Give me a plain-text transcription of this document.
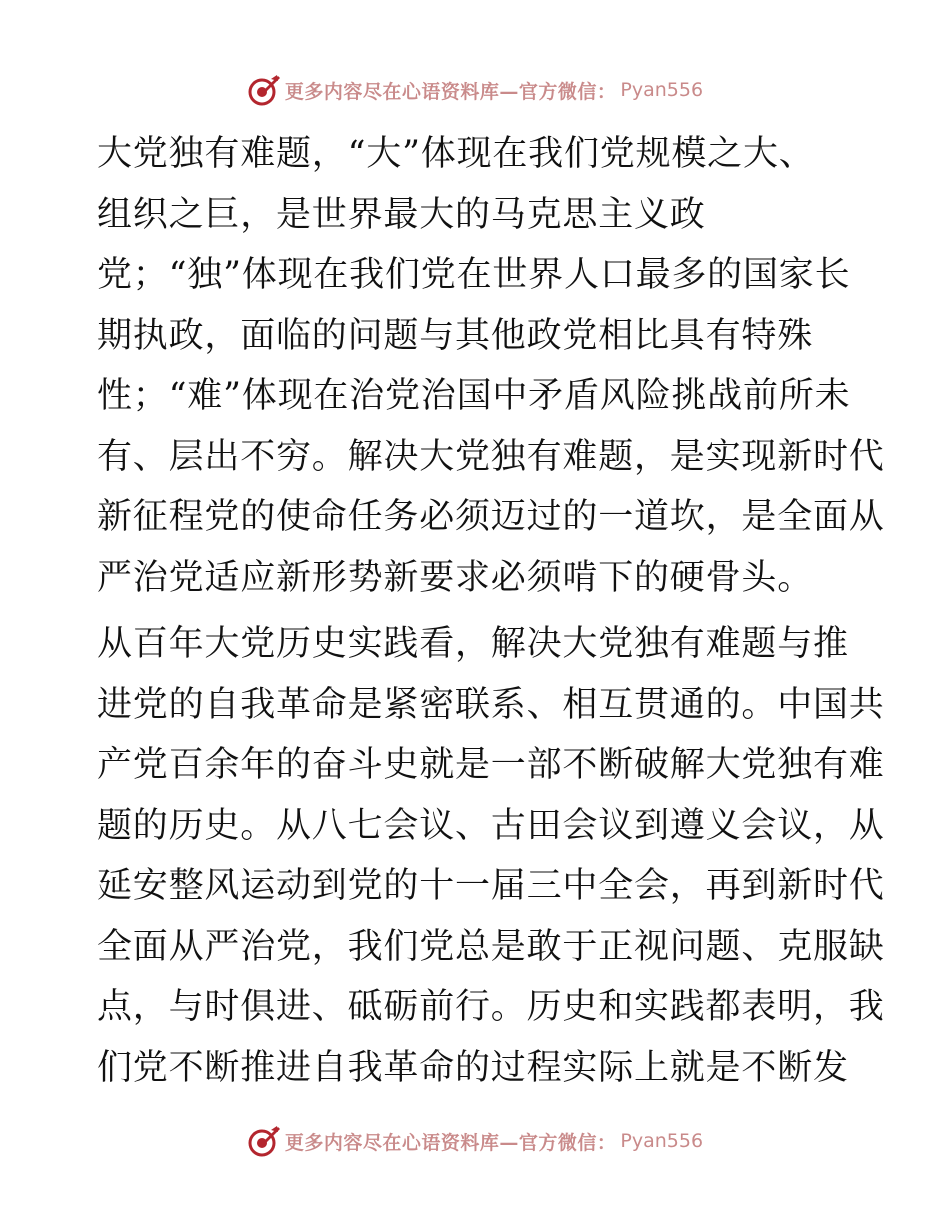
更多内容尽在心语资料库—官方微信： Pyan556

大党独有难题，“大”体现在我们党规模之大、
组织之巨，是世界最大的马克思主义政
党；“独”体现在我们党在世界人口最多的国家长
期执政，面临的问题与其他政党相比具有特殊
性；“难”体现在治党治国中矛盾风险挑战前所未
有、层出不穷。解决大党独有难题，是实现新时代
新征程党的使命任务必须迈过的一道坎，是全面从
严治党适应新形势新要求必须啃下的硬骨头。

从百年大党历史实践看，解决大党独有难题与推
进党的自我革命是紧密联系、相互贯通的。中国共
产党百余年的奋斗史就是一部不断破解大党独有难
题的历史。从八七会议、古田会议到遵义会议，从
延安整风运动到党的十一届三中全会，再到新时代
全面从严治党，我们党总是敢于正视问题、克服缺
点，与时俱进、砥砺前行。历史和实践都表明，我
们党不断推进自我革命的过程实际上就是不断发

更多内容尽在心语资料库—官方微信： Pyan556
